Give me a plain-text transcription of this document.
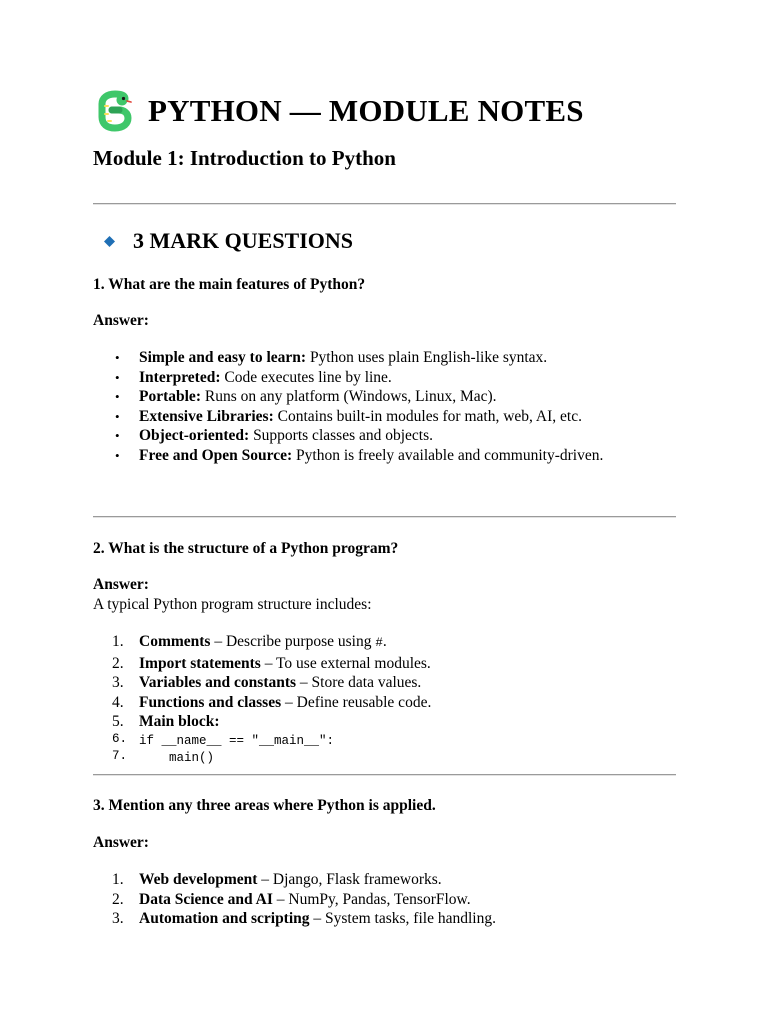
PYTHON — MODULE NOTES
Module 1: Introduction to Python
3 MARK QUESTIONS
1. What are the main features of Python?
Answer:
• Simple and easy to learn: Python uses plain English-like syntax.
• Interpreted: Code executes line by line.
• Portable: Runs on any platform (Windows, Linux, Mac).
• Extensive Libraries: Contains built-in modules for math, web, AI, etc.
• Object-oriented: Supports classes and objects.
• Free and Open Source: Python is freely available and community-driven.
2. What is the structure of a Python program?
Answer:
A typical Python program structure includes:
1. Comments – Describe purpose using #.
2. Import statements – To use external modules.
3. Variables and constants – Store data values.
4. Functions and classes – Define reusable code.
5. Main block:
6. if __name__ == "__main__":
7. main()
3. Mention any three areas where Python is applied.
Answer:
1. Web development – Django, Flask frameworks.
2. Data Science and AI – NumPy, Pandas, TensorFlow.
3. Automation and scripting – System tasks, file handling.
